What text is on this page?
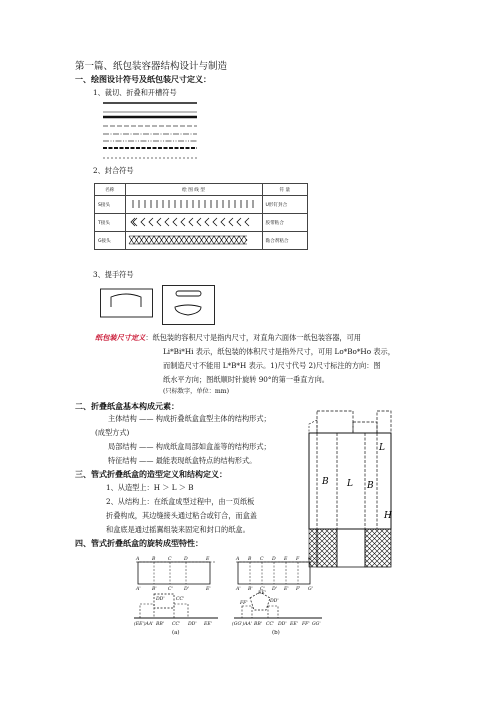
第一篇、纸包装容器结构设计与制造
一、绘图设计符号及纸包装尺寸定义：
1、裁切、折叠和开槽符号
2、封合符号
名称	绘 图 线 型	符 量
S接头		U形钉封合
T接头		胶带粘合
G接头		黏合剂粘合
3、提手符号
纸包装尺寸定义：纸包装的容积尺寸是指内尺寸，对直角六面体一纸包装容器，可用
Li*Bi*Hi 表示，纸包装的体积尺寸是指外尺寸，可用 Lo*Bo*Ho 表示，
而制造尺寸不能用 L*B*H 表示。1)尺寸代号 2)尺寸标注的方向：图
纸水平方向；图纸顺时针旋转 90°的第一垂直方向。
(只标数字，单位：mm)
二、折叠纸盒基本构成元素：
主体结构 —— 构成折叠纸盒盒型主体的结构形式；
(成型方式)
局部结构 —— 构成纸盒局部如盒盖等的结构形式；
特征结构 —— 最能表现纸盒特点的结构形式。
三、管式折叠纸盒的造型定义和结构定义：
1、从造型上：H ＞ L ＞ B
2、从结构上：在纸盒成型过程中，由一页纸板
折叠构成，其边缝接头通过粘合或钉合，而盒盖
和盒底是通过摇翼组装来固定和封口的纸盒。
四、管式折叠纸盒的旋转成型特性：
B L B
L
H
A	B	C	D	E
A' B' C' D'	E'
DD' CC'
(EE')AA' BB' CC' DD' EE'
(a)
A B C D E F G
A' B' C' D' E' F' G'
EE'
FF'	DD'
(GG')AA' BB' CC' DD' EE' FF' GG'
(b)
